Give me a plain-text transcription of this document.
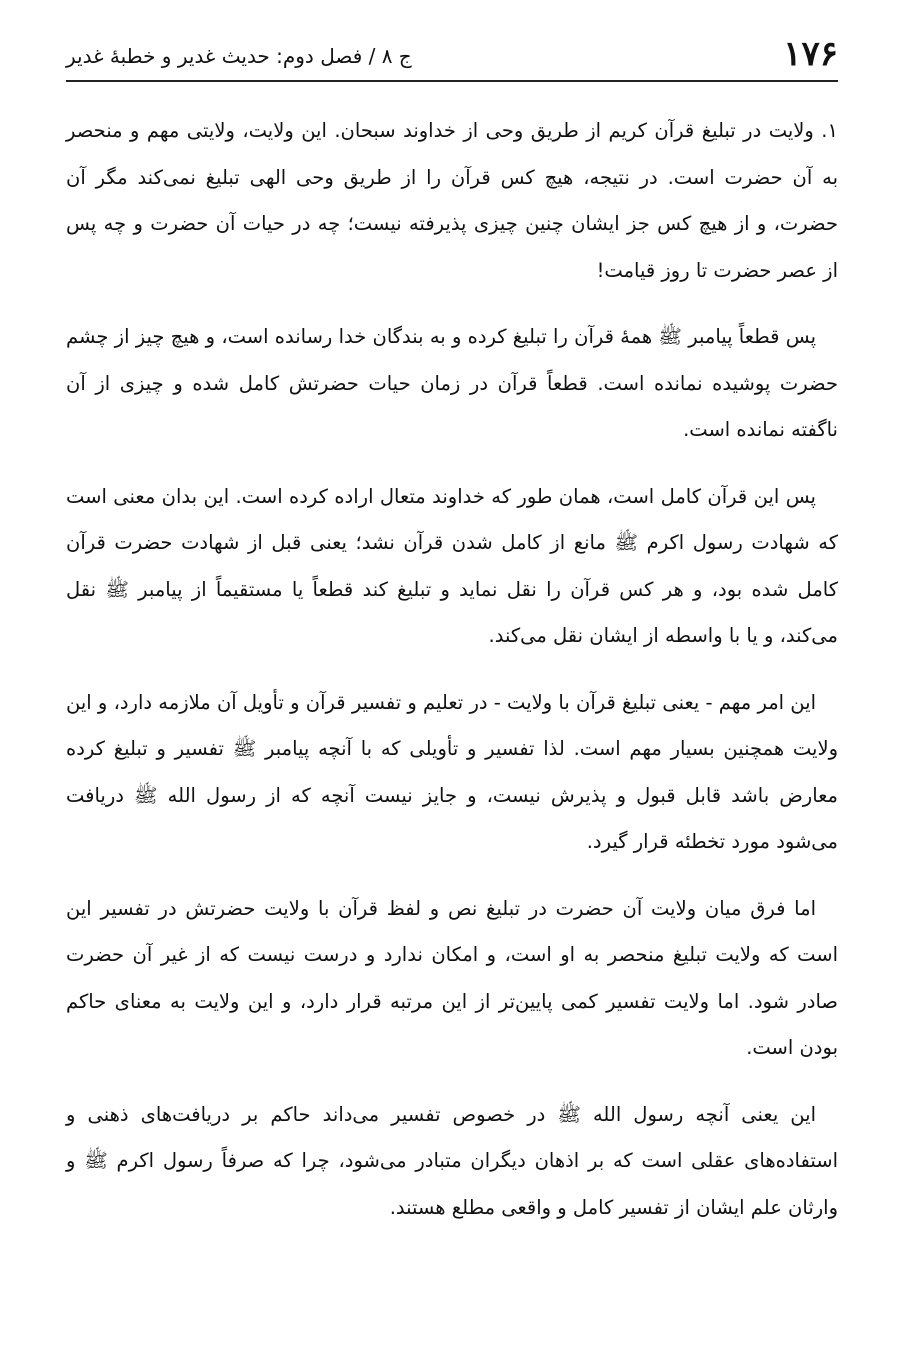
۱۷۶
ج ۸ / فصل دوم: حدیث غدیر و خطبهٔ غدیر

۱. ولایت در تبلیغ قرآن کریم از طریق وحی از خداوند سبحان. این ولایت، ولایتی مهم و منحصر به آن حضرت است. در نتیجه، هیچ کس قرآن را از طریق وحی الهی تبلیغ نمی‌کند مگر آن حضرت، و از هیچ کس جز ایشان چنین چیزی پذیرفته نیست؛ چه در حیات آن حضرت و چه پس از عصر حضرت تا روز قیامت!

پس قطعاً پیامبر ﷺ همهٔ قرآن را تبلیغ کرده و به بندگان خدا رسانده است، و هیچ چیز از چشم حضرت پوشیده نمانده است. قطعاً قرآن در زمان حیات حضرتش کامل شده و چیزی از آن ناگفته نمانده است.

پس این قرآن کامل است، همان طور که خداوند متعال اراده کرده است. این بدان معنی است که شهادت رسول اکرم ﷺ مانع از کامل شدن قرآن نشد؛ یعنی قبل از شهادت حضرت قرآن کامل شده بود، و هر کس قرآن را نقل نماید و تبلیغ کند قطعاً یا مستقیماً از پیامبر ﷺ نقل می‌کند، و یا با واسطه از ایشان نقل می‌کند.

این امر مهم - یعنی تبلیغ قرآن با ولایت - در تعلیم و تفسیر قرآن و تأویل آن ملازمه دارد، و این ولایت همچنین بسیار مهم است. لذا تفسیر و تأویلی که با آنچه پیامبر ﷺ تفسیر و تبلیغ کرده معارض باشد قابل قبول و پذیرش نیست، و جایز نیست آنچه که از رسول الله ﷺ دریافت می‌شود مورد تخطئه قرار گیرد.

اما فرق میان ولایت آن حضرت در تبلیغ نص و لفظ قرآن با ولایت حضرتش در تفسیر این است که ولایت تبلیغ منحصر به او است، و امکان ندارد و درست نیست که از غیر آن حضرت صادر شود. اما ولایت تفسیر کمی پایین‌تر از این مرتبه قرار دارد، و این ولایت به معنای حاکم بودن است.

این یعنی آنچه رسول الله ﷺ در خصوص تفسیر می‌داند حاکم بر دریافت‌های ذهنی و استفاده‌های عقلی است که بر اذهان دیگران متبادر می‌شود، چرا که صرفاً رسول اکرم ﷺ و وارثان علم ایشان از تفسیر کامل و واقعی مطلع هستند.
